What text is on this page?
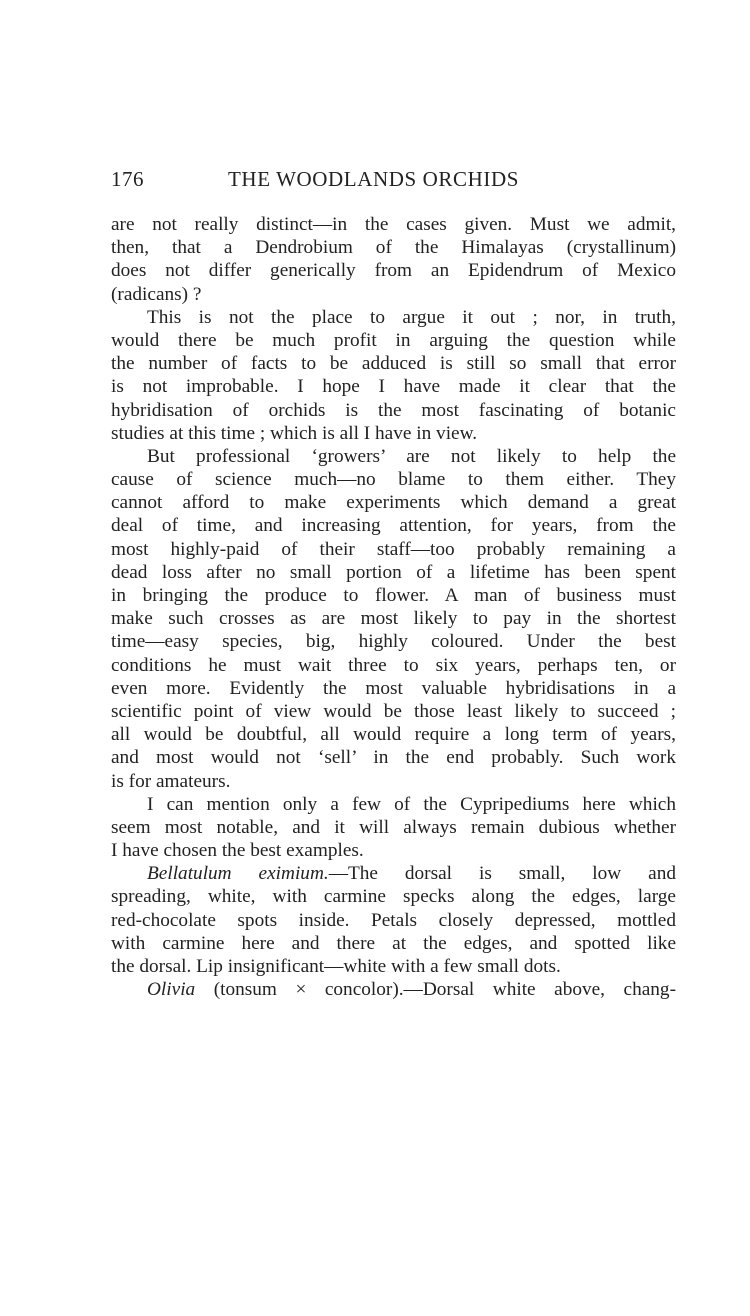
176	THE WOODLANDS ORCHIDS
are not really distinct—in the cases given. Must we admit,
then, that a Dendrobium of the Himalayas (crystallinum)
does not differ generically from an Epidendrum of Mexico
(radicans) ?
This is not the place to argue it out ; nor, in truth,
would there be much profit in arguing the question while
the number of facts to be adduced is still so small that error
is not improbable. I hope I have made it clear that the
hybridisation of orchids is the most fascinating of botanic
studies at this time ; which is all I have in view.
But professional ‘growers’ are not likely to help the
cause of science much—no blame to them either. They
cannot afford to make experiments which demand a great
deal of time, and increasing attention, for years, from the
most highly-paid of their staff—too probably remaining a
dead loss after no small portion of a lifetime has been spent
in bringing the produce to flower. A man of business must
make such crosses as are most likely to pay in the shortest
time—easy species, big, highly coloured. Under the best
conditions he must wait three to six years, perhaps ten, or
even more. Evidently the most valuable hybridisations in a
scientific point of view would be those least likely to succeed ;
all would be doubtful, all would require a long term of years,
and most would not ‘sell’ in the end probably. Such work
is for amateurs.
I can mention only a few of the Cypripediums here which
seem most notable, and it will always remain dubious whether
I have chosen the best examples.
Bellatulum eximium.—The dorsal is small, low and
spreading, white, with carmine specks along the edges, large
red-chocolate spots inside. Petals closely depressed, mottled
with carmine here and there at the edges, and spotted like
the dorsal. Lip insignificant—white with a few small dots.
Olivia (tonsum × concolor).—Dorsal white above, chang-
